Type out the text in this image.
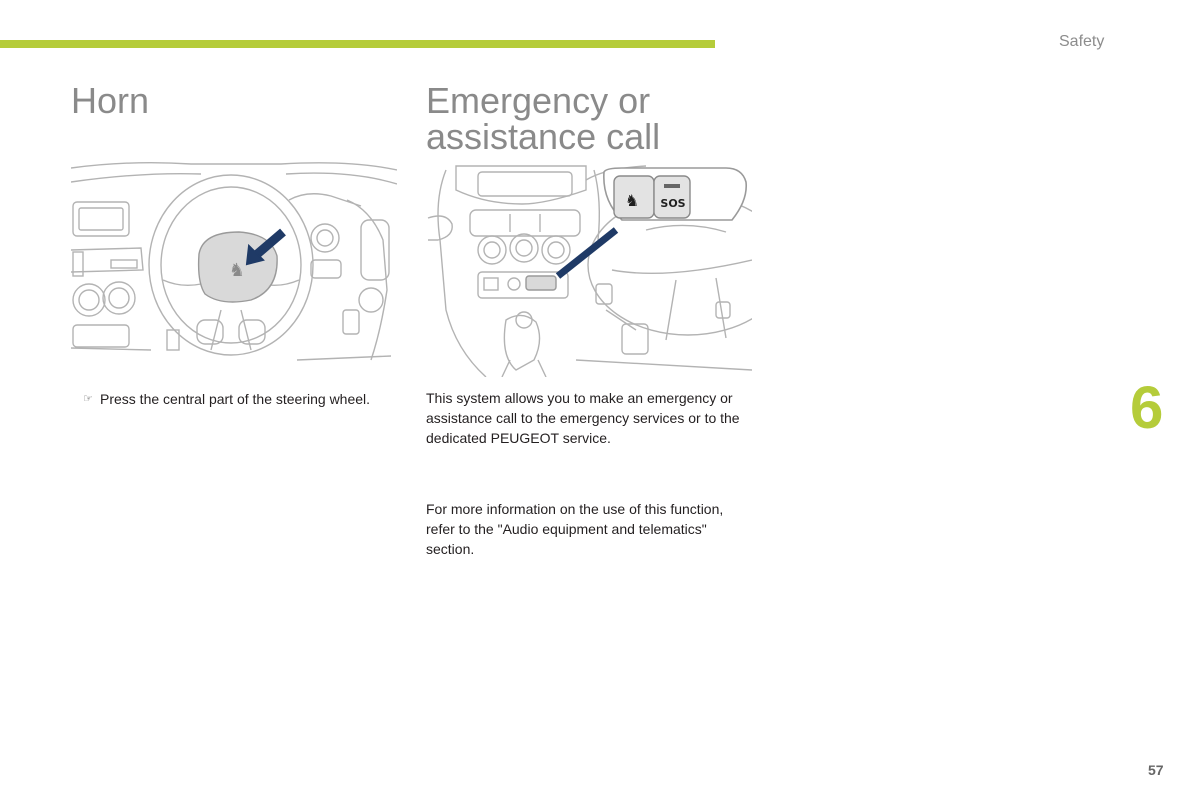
Safety
Horn	Emergency or assistance call
♞
♞	SOS
☞ Press the central part of the steering wheel.	This system allows you to make an emergency or assistance call to the emergency services or to the dedicated PEUGEOT service.

For more information on the use of this function, refer to the "Audio equipment and telematics" section.

6
57
